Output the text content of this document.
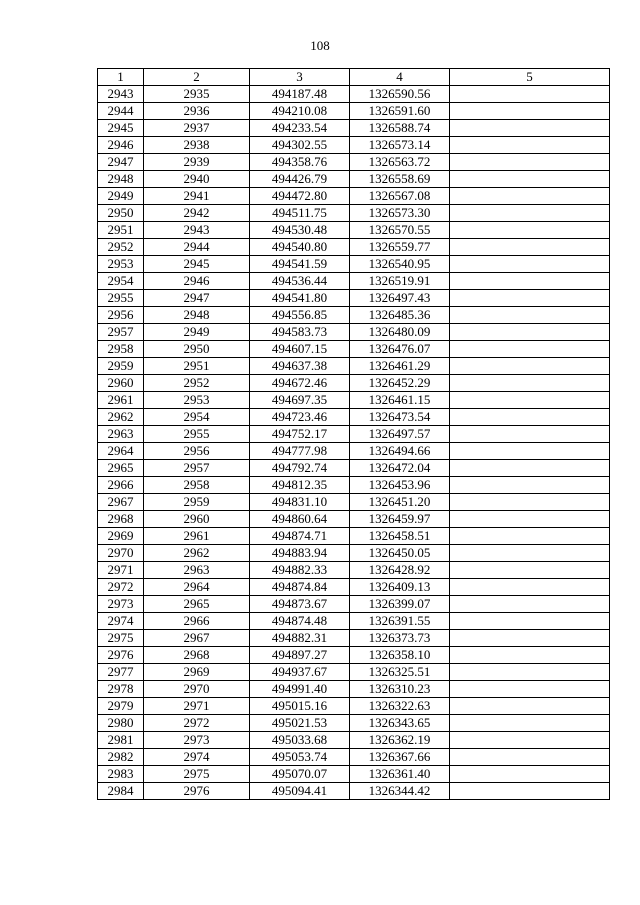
108
1	2	3	4	5
2943	2935	494187.48	1326590.56	
2944	2936	494210.08	1326591.60	
2945	2937	494233.54	1326588.74	
2946	2938	494302.55	1326573.14	
2947	2939	494358.76	1326563.72	
2948	2940	494426.79	1326558.69	
2949	2941	494472.80	1326567.08	
2950	2942	494511.75	1326573.30	
2951	2943	494530.48	1326570.55	
2952	2944	494540.80	1326559.77	
2953	2945	494541.59	1326540.95	
2954	2946	494536.44	1326519.91	
2955	2947	494541.80	1326497.43	
2956	2948	494556.85	1326485.36	
2957	2949	494583.73	1326480.09	
2958	2950	494607.15	1326476.07	
2959	2951	494637.38	1326461.29	
2960	2952	494672.46	1326452.29	
2961	2953	494697.35	1326461.15	
2962	2954	494723.46	1326473.54	
2963	2955	494752.17	1326497.57	
2964	2956	494777.98	1326494.66	
2965	2957	494792.74	1326472.04	
2966	2958	494812.35	1326453.96	
2967	2959	494831.10	1326451.20	
2968	2960	494860.64	1326459.97	
2969	2961	494874.71	1326458.51	
2970	2962	494883.94	1326450.05	
2971	2963	494882.33	1326428.92	
2972	2964	494874.84	1326409.13	
2973	2965	494873.67	1326399.07	
2974	2966	494874.48	1326391.55	
2975	2967	494882.31	1326373.73	
2976	2968	494897.27	1326358.10	
2977	2969	494937.67	1326325.51	
2978	2970	494991.40	1326310.23	
2979	2971	495015.16	1326322.63	
2980	2972	495021.53	1326343.65	
2981	2973	495033.68	1326362.19	
2982	2974	495053.74	1326367.66	
2983	2975	495070.07	1326361.40	
2984	2976	495094.41	1326344.42	
